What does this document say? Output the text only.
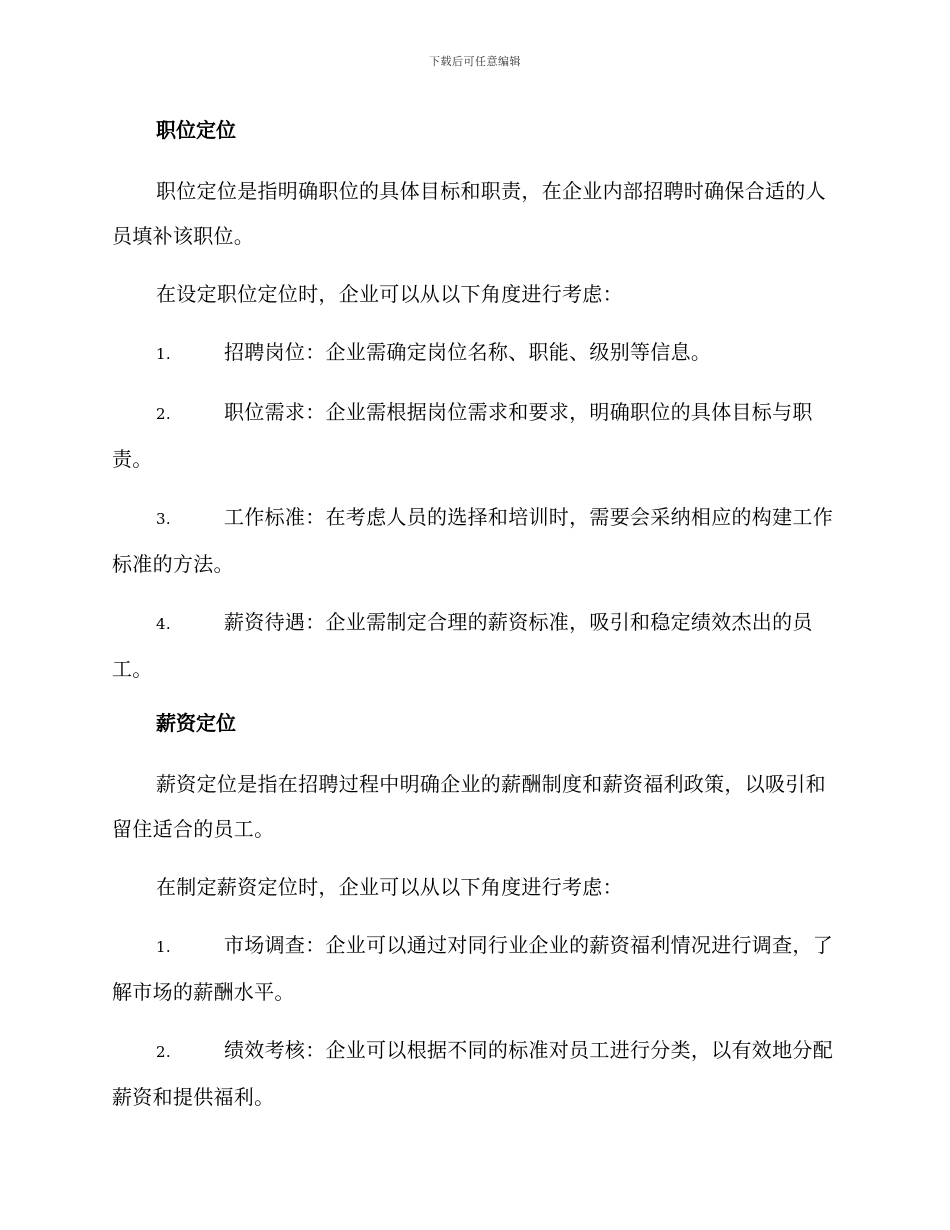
下载后可任意编辑
职位定位

职位定位是指明确职位的具体目标和职责，在企业内部招聘时确保合适的人员填补该职位。

在设定职位定位时，企业可以从以下角度进行考虑：

1.	招聘岗位：企业需确定岗位名称、职能、级别等信息。

2.	职位需求：企业需根据岗位需求和要求，明确职位的具体目标与职责。

3.	工作标准：在考虑人员的选择和培训时，需要会采纳相应的构建工作标准的方法。

4.	薪资待遇：企业需制定合理的薪资标准，吸引和稳定绩效杰出的员工。

薪资定位

薪资定位是指在招聘过程中明确企业的薪酬制度和薪资福利政策，以吸引和留住适合的员工。

在制定薪资定位时，企业可以从以下角度进行考虑：

1.	市场调查：企业可以通过对同行业企业的薪资福利情况进行调查，了解市场的薪酬水平。

2.	绩效考核：企业可以根据不同的标准对员工进行分类，以有效地分配薪资和提供福利。
